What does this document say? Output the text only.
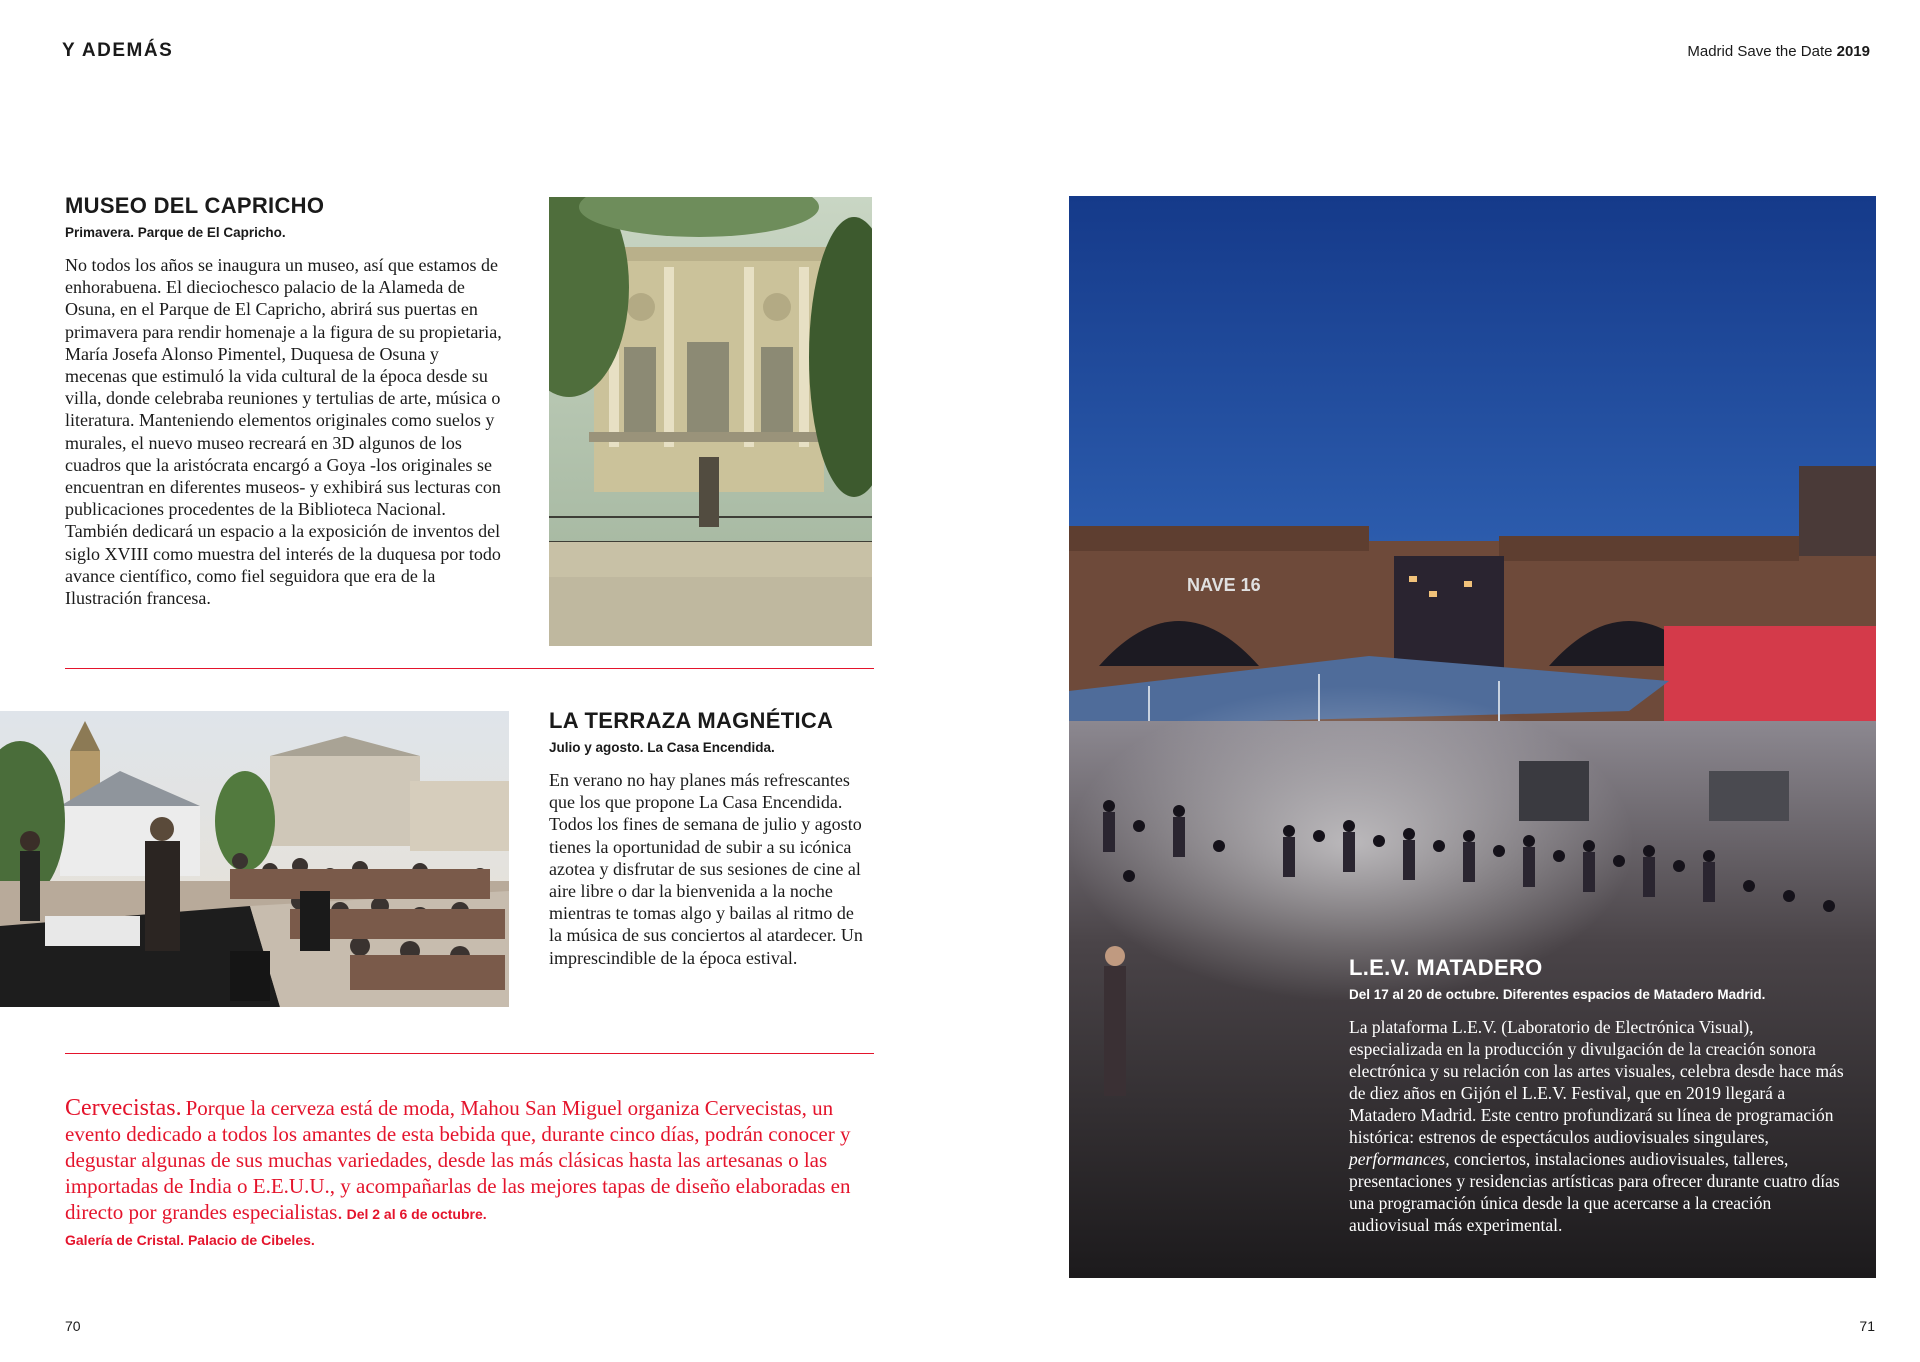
Y ADEMÁS	Madrid Save the Date 2019
MUSEO DEL CAPRICHO

Primavera. Parque de El Capricho.

No todos los años se inaugura un museo, así que estamos de enhorabuena. El dieciochesco palacio de la Alameda de Osuna, en el Parque de El Capricho, abrirá sus puertas en primavera para rendir homenaje a la figura de su propietaria, María Josefa Alonso Pimentel, Duquesa de Osuna y mecenas que estimuló la vida cultural de la época desde su villa, donde celebraba reuniones y tertulias de arte, música o literatura. Manteniendo elementos originales como suelos y murales, el nuevo museo recreará en 3D algunos de los cuadros que la aristócrata encargó a Goya -los originales se encuentran en diferentes museos- y exhibirá sus lecturas con publicaciones procedentes de la Biblioteca Nacional. También dedicará un espacio a la exposición de inventos del siglo XVIII como muestra del interés de la duquesa por todo avance científico, como fiel seguidora que era de la Ilustración francesa.

LA TERRAZA MAGNÉTICA

Julio y agosto. La Casa Encendida.

En verano no hay planes más refrescantes que los que propone La Casa Encendida. Todos los fines de semana de julio y agosto tienes la oportunidad de subir a su icónica azotea y disfrutar de sus sesiones de cine al aire libre o dar la bienvenida a la noche mientras te tomas algo y bailas al ritmo de la música de sus conciertos al atardecer. Un imprescindible de la época estival.

Cervecistas. Porque la cerveza está de moda, Mahou San Miguel organiza Cervecistas, un evento dedicado a todos los amantes de esta bebida que, durante cinco días, podrán conocer y degustar algunas de sus muchas variedades, desde las más clásicas hasta las artesanas o las importadas de India o E.E.U.U., y acompañarlas de las mejores tapas de diseño elaboradas en directo por grandes especialistas. Del 2 al 6 de octubre.
Galería de Cristal. Palacio de Cibeles.
NAVE 16
L.E.V. MATADERO

Del 17 al 20 de octubre. Diferentes espacios de Matadero Madrid.

La plataforma L.E.V. (Laboratorio de Electrónica Visual), especializada en la producción y divulgación de la creación sonora electrónica y su relación con las artes visuales, celebra desde hace más de diez años en Gijón el L.E.V. Festival, que en 2019 llegará a Matadero Madrid. Este centro profundizará su línea de programación histórica: estrenos de espectáculos audiovisuales singulares, performances, conciertos, instalaciones audiovisuales, talleres, presentaciones y residencias artísticas para ofrecer durante cuatro días una programación única desde la que acercarse a la creación audiovisual más experimental.

70	71
